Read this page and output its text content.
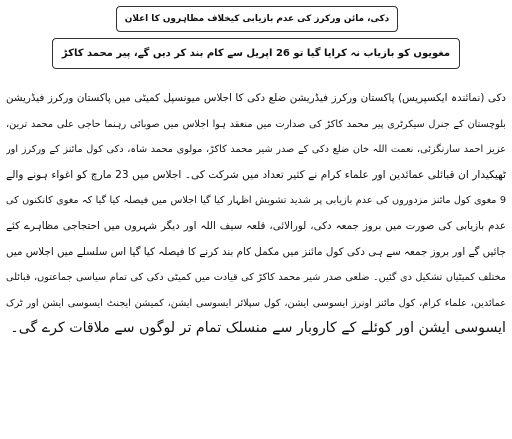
دکی، مائن ورکرز کی عدم بازیابی کیخلاف مظاہروں کا اعلان
مغویوں کو بازیاب نہ کرایا گیا تو 26 اپریل سے کام بند کر دیں گے، پیر محمد کاکڑ
دکی (نمائندہ ایکسپریس) پاکستان ورکرز فیڈریشن ضلع دکی کا اجلاس میونسپل کمیٹی میں پاکستان ورکرز فیڈریشن
بلوچستان کے جنرل سیکرٹری پیر محمد کاکڑ کی صدارت میں منعقد ہوا اجلاس میں صوبائی رہنما حاجی علی محمد ترین،
عزیز احمد سارنگزئی، نعمت اللہ خان ضلع دکی کے صدر شیر محمد کاکڑ، مولوی محمد شاہ، دکی کول مائنز کے ورکرز اور
ٹھیکیدار ان قبائلی عمائدین اور علماء کرام نے کثیر تعداد میں شرکت کی۔ اجلاس میں 23 مارچ کو اغواء ہونے والے
9 مغوی کول مائنز مزدوروں کی عدم بازیابی پر شدید تشویش اظہار کیا گیا اجلاس میں فیصلہ کیا گیا کہ مغوی کانکنوں کی
عدم بازیابی کی صورت میں بروز جمعہ دکی، لورالائی، قلعہ سیف اللہ اور دیگر شہروں میں احتجاجی مظاہرے کئے
جائیں گے اور بروز جمعہ سے ہی دکی کول مائنز میں مکمل کام بند کرنے کا فیصلہ کیا گیا اس سلسلے میں اجلاس میں
مختلف کمیٹیاں تشکیل دی گئیں۔ ضلعی صدر شیر محمد کاکڑ کی قیادت میں کمیٹی دکی کی تمام سیاسی جماعتوں، قبائلی
عمائدین، علماء کرام، کول مائنز اونرز ایسوسی ایشن، کول سپلائر ایسوسی ایشن، کمیشن ایجنٹ ایسوسی ایشن اور ٹرک
ایسوسی ایشن اور کوئلے کے کاروبار سے منسلک تمام تر لوگوں سے ملاقات کرے گی۔
